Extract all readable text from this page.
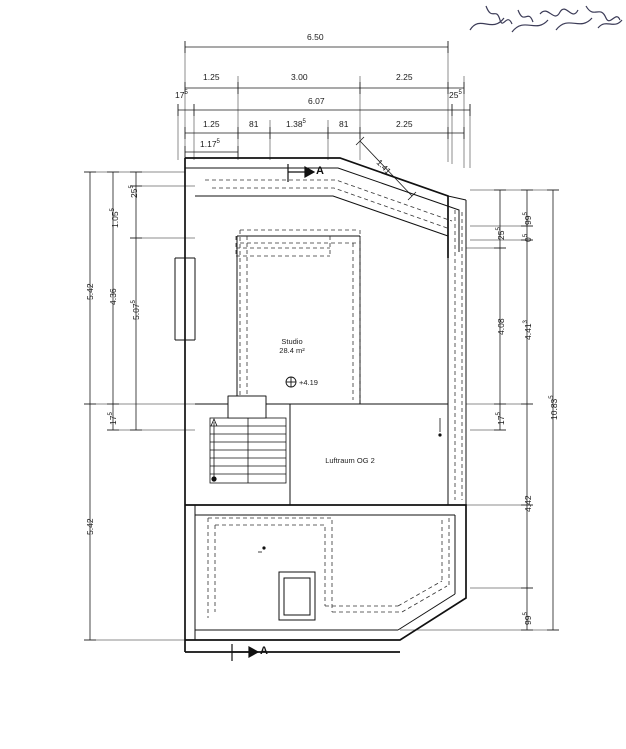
6.50
1.25	3.00	2.25
$17^5$
6.07
$25^5$
1.25	81	1.38$^5$	81	2.25
1.17$^5$
1.41
5.42
5.42
4.36
$17^5$
5.07$^5$
1.05$^5$
$25^5$
$25^5$
4.08
$17^5$
$99^5$
$0^5$
4.41$^3$
4.42
$99^5$
10.83$^5$
Studio
28.4 m²
+4.19
Luftraum OG 2
A
A
